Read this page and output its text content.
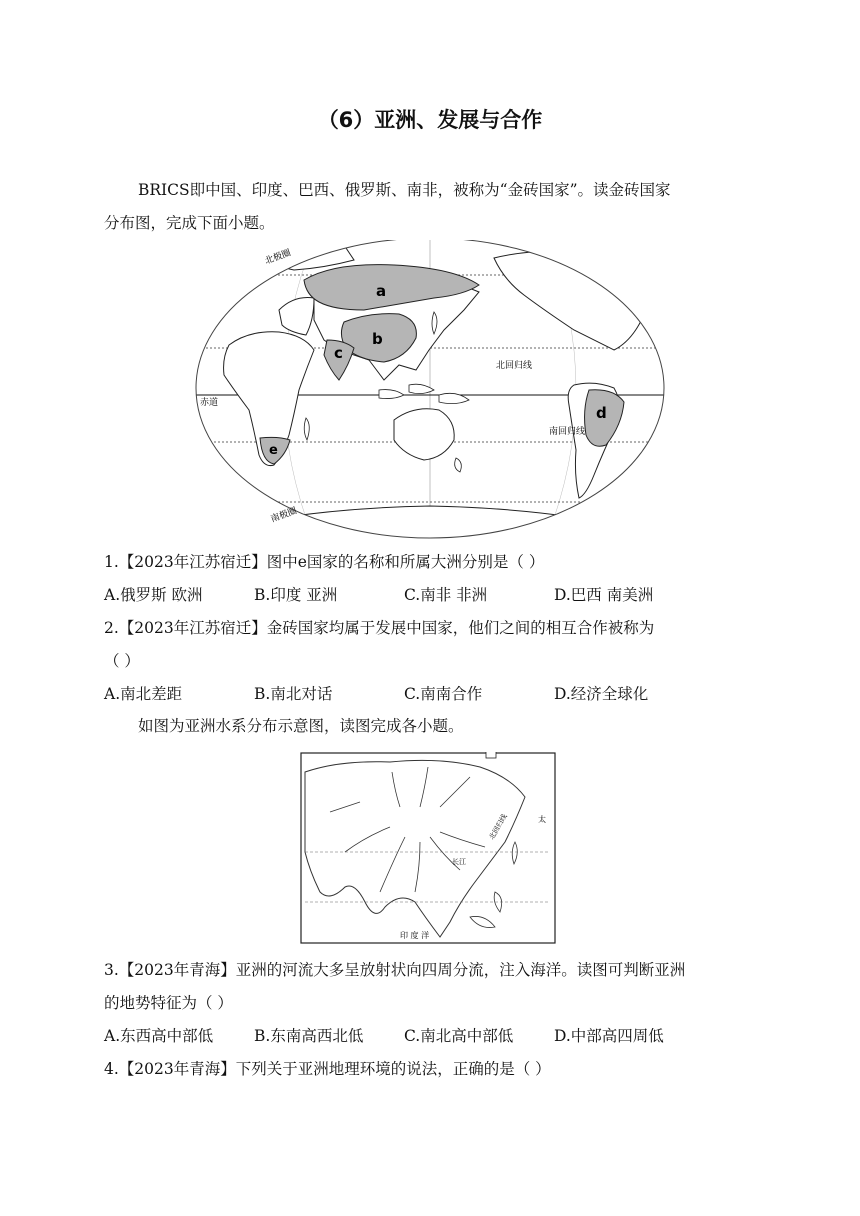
（6）亚洲、发展与合作
BRICS即中国、印度、巴西、俄罗斯、南非，被称为“金砖国家”。读金砖国家
分布图，完成下面小题。
a
b
c
d
e
北极圈
北回归线
赤道
南回归线
南极圈
1.【2023年江苏宿迁】图中e国家的名称和所属大洲分别是（ ）
A.俄罗斯 欧洲	B.印度 亚洲	C.南非 非洲	D.巴西 南美洲
2.【2023年江苏宿迁】金砖国家均属于发展中国家，他们之间的相互合作被称为
（ ）
A.南北差距	B.南北对话	C.南南合作	D.经济全球化
如图为亚洲水系分布示意图，读图完成各小题。
印 度 洋
长江
北回归线	太
3.【2023年青海】亚洲的河流大多呈放射状向四周分流，注入海洋。读图可判断亚洲
的地势特征为（ ）
A.东西高中部低	B.东南高西北低	C.南北高中部低	D.中部高四周低
4.【2023年青海】下列关于亚洲地理环境的说法，正确的是（ ）
